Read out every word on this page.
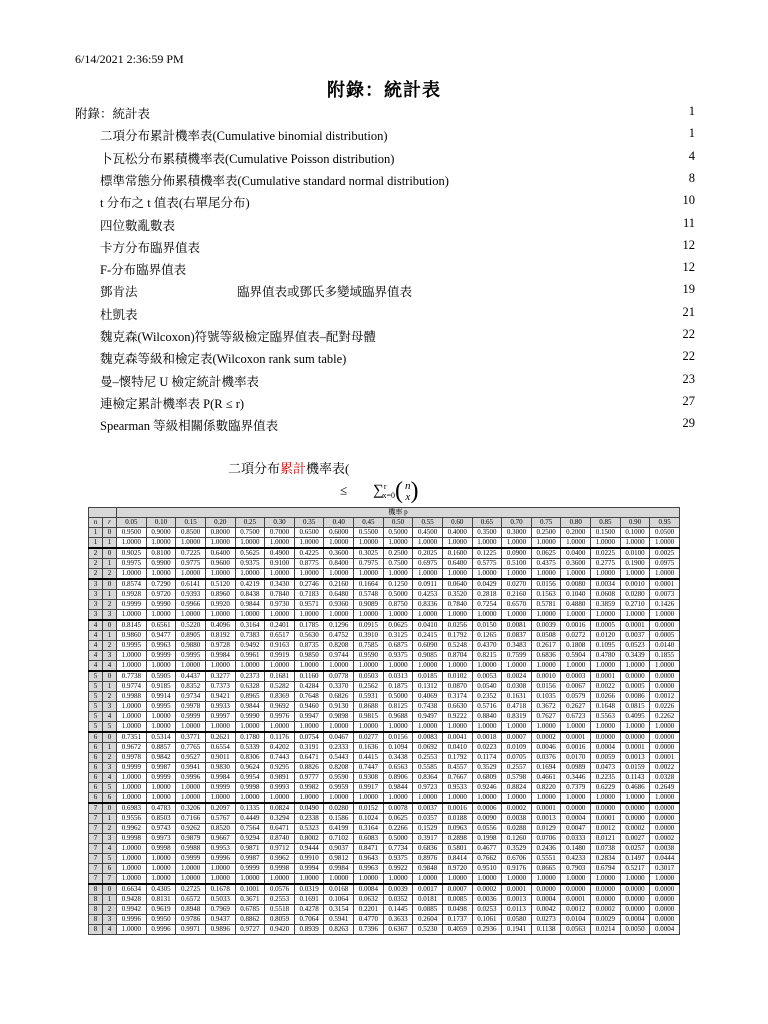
6/14/2021 2:36:59 PM
附錄：統計表
附錄：統計表	1
二項分布累計機率表(Cumulative binomial distribution)	1
卜瓦松分布累積機率表(Cumulative Poisson distribution)	4
標準常態分佈累積機率表(Cumulative standard normal distribution)	8
t 分布之 t 值表(右單尾分布)	10
四位數亂數表	11
卡方分布臨界值表	12
F-分布臨界值表	12
鄧肯法	臨界值表或鄧氏多變域臨界值表	19
杜凱表	21
魏克森(Wilcoxon)符號等級檢定臨界值表–配對母體	22
魏克森等級和檢定表(Wilcoxon rank sum table)	22
曼–懷特尼 U 檢定統計機率表	23
連檢定累計機率表 P(R ≤ r)	27
Spearman 等級相關係數臨界值表	29
二項分布累計機率表(
≤ ∑$^r_{x=0}$( n
x)
		機率 p																		
n	r	0.05	0.10	0.15	0.20	0.25	0.30	0.35	0.40	0.45	0.50	0.55	0.60	0.65	0.70	0.75	0.80	0.85	0.90	0.95
1	0	0.9500	0.9000	0.8500	0.8000	0.7500	0.7000	0.6500	0.6000	0.5500	0.5000	0.4500	0.4000	0.3500	0.3000	0.2500	0.2000	0.1500	0.1000	0.0500
1	1	1.0000	1.0000	1.0000	1.0000	1.0000	1.0000	1.0000	1.0000	1.0000	1.0000	1.0000	1.0000	1.0000	1.0000	1.0000	1.0000	1.0000	1.0000	1.0000
2	0	0.9025	0.8100	0.7225	0.6400	0.5625	0.4900	0.4225	0.3600	0.3025	0.2500	0.2025	0.1600	0.1225	0.0900	0.0625	0.0400	0.0225	0.0100	0.0025
2	1	0.9975	0.9900	0.9775	0.9600	0.9375	0.9100	0.8775	0.8400	0.7975	0.7500	0.6975	0.6400	0.5775	0.5100	0.4375	0.3600	0.2775	0.1900	0.0975
2	2	1.0000	1.0000	1.0000	1.0000	1.0000	1.0000	1.0000	1.0000	1.0000	1.0000	1.0000	1.0000	1.0000	1.0000	1.0000	1.0000	1.0000	1.0000	1.0000
3	0	0.8574	0.7290	0.6141	0.5120	0.4219	0.3430	0.2746	0.2160	0.1664	0.1250	0.0911	0.0640	0.0429	0.0270	0.0156	0.0080	0.0034	0.0010	0.0001
3	1	0.9928	0.9720	0.9393	0.8960	0.8438	0.7840	0.7183	0.6480	0.5748	0.5000	0.4253	0.3520	0.2818	0.2160	0.1563	0.1040	0.0608	0.0280	0.0073
3	2	0.9999	0.9990	0.9966	0.9920	0.9844	0.9730	0.9571	0.9360	0.9089	0.8750	0.8336	0.7840	0.7254	0.6570	0.5781	0.4880	0.3859	0.2710	0.1426
3	3	1.0000	1.0000	1.0000	1.0000	1.0000	1.0000	1.0000	1.0000	1.0000	1.0000	1.0000	1.0000	1.0000	1.0000	1.0000	1.0000	1.0000	1.0000	1.0000
4	0	0.8145	0.6561	0.5220	0.4096	0.3164	0.2401	0.1785	0.1296	0.0915	0.0625	0.0410	0.0256	0.0150	0.0081	0.0039	0.0016	0.0005	0.0001	0.0000
4	1	0.9860	0.9477	0.8905	0.8192	0.7383	0.6517	0.5630	0.4752	0.3910	0.3125	0.2415	0.1792	0.1265	0.0837	0.0508	0.0272	0.0120	0.0037	0.0005
4	2	0.9995	0.9963	0.9880	0.9728	0.9492	0.9163	0.8735	0.8208	0.7585	0.6875	0.6090	0.5248	0.4370	0.3483	0.2617	0.1808	0.1095	0.0523	0.0140
4	3	1.0000	0.9999	0.9995	0.9984	0.9961	0.9919	0.9850	0.9744	0.9590	0.9375	0.9085	0.8704	0.8215	0.7599	0.6836	0.5904	0.4780	0.3439	0.1855
4	4	1.0000	1.0000	1.0000	1.0000	1.0000	1.0000	1.0000	1.0000	1.0000	1.0000	1.0000	1.0000	1.0000	1.0000	1.0000	1.0000	1.0000	1.0000	1.0000
5	0	0.7738	0.5905	0.4437	0.3277	0.2373	0.1681	0.1160	0.0778	0.0503	0.0313	0.0185	0.0102	0.0053	0.0024	0.0010	0.0003	0.0001	0.0000	0.0000
5	1	0.9774	0.9185	0.8352	0.7373	0.6328	0.5282	0.4284	0.3370	0.2562	0.1875	0.1312	0.0870	0.0540	0.0308	0.0156	0.0067	0.0022	0.0005	0.0000
5	2	0.9988	0.9914	0.9734	0.9421	0.8965	0.8369	0.7648	0.6826	0.5931	0.5000	0.4069	0.3174	0.2352	0.1631	0.1035	0.0579	0.0266	0.0086	0.0012
5	3	1.0000	0.9995	0.9978	0.9933	0.9844	0.9692	0.9460	0.9130	0.8688	0.8125	0.7438	0.6630	0.5716	0.4718	0.3672	0.2627	0.1648	0.0815	0.0226
5	4	1.0000	1.0000	0.9999	0.9997	0.9990	0.9976	0.9947	0.9898	0.9815	0.9688	0.9497	0.9222	0.8840	0.8319	0.7627	0.6723	0.5563	0.4095	0.2262
5	5	1.0000	1.0000	1.0000	1.0000	1.0000	1.0000	1.0000	1.0000	1.0000	1.0000	1.0000	1.0000	1.0000	1.0000	1.0000	1.0000	1.0000	1.0000	1.0000
6	0	0.7351	0.5314	0.3771	0.2621	0.1780	0.1176	0.0754	0.0467	0.0277	0.0156	0.0083	0.0041	0.0018	0.0007	0.0002	0.0001	0.0000	0.0000	0.0000
6	1	0.9672	0.8857	0.7765	0.6554	0.5339	0.4202	0.3191	0.2333	0.1636	0.1094	0.0692	0.0410	0.0223	0.0109	0.0046	0.0016	0.0004	0.0001	0.0000
6	2	0.9978	0.9842	0.9527	0.9011	0.8306	0.7443	0.6471	0.5443	0.4415	0.3438	0.2553	0.1792	0.1174	0.0705	0.0376	0.0170	0.0059	0.0013	0.0001
6	3	0.9999	0.9987	0.9941	0.9830	0.9624	0.9295	0.8826	0.8208	0.7447	0.6563	0.5585	0.4557	0.3529	0.2557	0.1694	0.0989	0.0473	0.0159	0.0022
6	4	1.0000	0.9999	0.9996	0.9984	0.9954	0.9891	0.9777	0.9590	0.9308	0.8906	0.8364	0.7667	0.6809	0.5798	0.4661	0.3446	0.2235	0.1143	0.0328
6	5	1.0000	1.0000	1.0000	0.9999	0.9998	0.9993	0.9982	0.9959	0.9917	0.9844	0.9723	0.9533	0.9246	0.8824	0.8220	0.7379	0.6229	0.4686	0.2649
6	6	1.0000	1.0000	1.0000	1.0000	1.0000	1.0000	1.0000	1.0000	1.0000	1.0000	1.0000	1.0000	1.0000	1.0000	1.0000	1.0000	1.0000	1.0000	1.0000
7	0	0.6983	0.4783	0.3206	0.2097	0.1335	0.0824	0.0490	0.0280	0.0152	0.0078	0.0037	0.0016	0.0006	0.0002	0.0001	0.0000	0.0000	0.0000	0.0000
7	1	0.9556	0.8503	0.7166	0.5767	0.4449	0.3294	0.2338	0.1586	0.1024	0.0625	0.0357	0.0188	0.0090	0.0038	0.0013	0.0004	0.0001	0.0000	0.0000
7	2	0.9962	0.9743	0.9262	0.8520	0.7564	0.6471	0.5323	0.4199	0.3164	0.2266	0.1529	0.0963	0.0556	0.0288	0.0129	0.0047	0.0012	0.0002	0.0000
7	3	0.9998	0.9973	0.9879	0.9667	0.9294	0.8740	0.8002	0.7102	0.6083	0.5000	0.3917	0.2898	0.1998	0.1260	0.0706	0.0333	0.0121	0.0027	0.0002
7	4	1.0000	0.9998	0.9988	0.9953	0.9871	0.9712	0.9444	0.9037	0.8471	0.7734	0.6836	0.5801	0.4677	0.3529	0.2436	0.1480	0.0738	0.0257	0.0038
7	5	1.0000	1.0000	0.9999	0.9996	0.9987	0.9962	0.9910	0.9812	0.9643	0.9375	0.8976	0.8414	0.7662	0.6706	0.5551	0.4233	0.2834	0.1497	0.0444
7	6	1.0000	1.0000	1.0000	1.0000	0.9999	0.9998	0.9994	0.9984	0.9963	0.9922	0.9848	0.9720	0.9510	0.9176	0.8665	0.7903	0.6794	0.5217	0.3017
7	7	1.0000	1.0000	1.0000	1.0000	1.0000	1.0000	1.0000	1.0000	1.0000	1.0000	1.0000	1.0000	1.0000	1.0000	1.0000	1.0000	1.0000	1.0000	1.0000
8	0	0.6634	0.4305	0.2725	0.1678	0.1001	0.0576	0.0319	0.0168	0.0084	0.0039	0.0017	0.0007	0.0002	0.0001	0.0000	0.0000	0.0000	0.0000	0.0000
8	1	0.9428	0.8131	0.6572	0.5033	0.3671	0.2553	0.1691	0.1064	0.0632	0.0352	0.0181	0.0085	0.0036	0.0013	0.0004	0.0001	0.0000	0.0000	0.0000
8	2	0.9942	0.9619	0.8948	0.7969	0.6785	0.5518	0.4278	0.3154	0.2201	0.1445	0.0885	0.0498	0.0253	0.0113	0.0042	0.0012	0.0002	0.0000	0.0000
8	3	0.9996	0.9950	0.9786	0.9437	0.8862	0.8059	0.7064	0.5941	0.4770	0.3633	0.2604	0.1737	0.1061	0.0580	0.0273	0.0104	0.0029	0.0004	0.0000
8	4	1.0000	0.9996	0.9971	0.9896	0.9727	0.9420	0.8939	0.8263	0.7396	0.6367	0.5230	0.4059	0.2936	0.1941	0.1138	0.0563	0.0214	0.0050	0.0004
